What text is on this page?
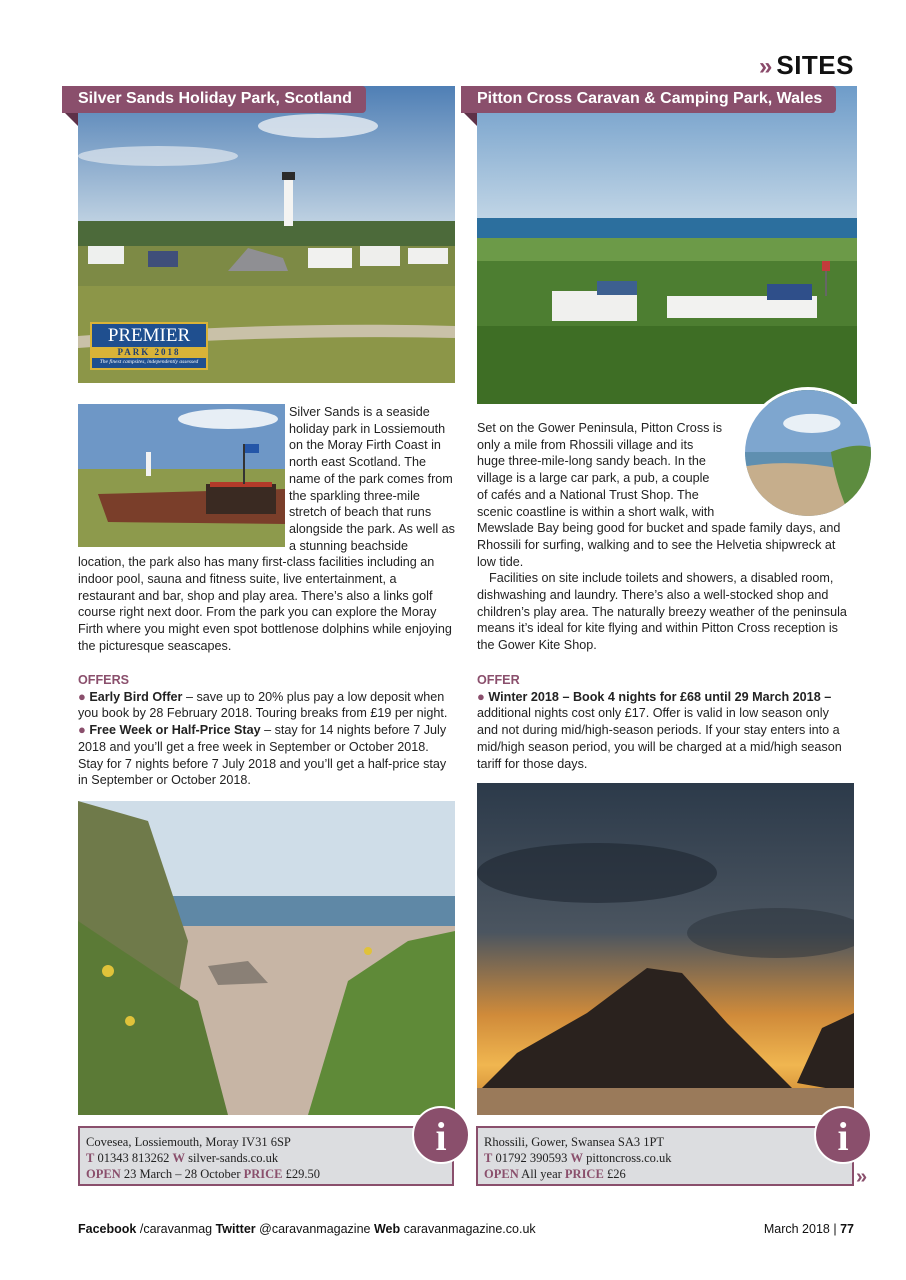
» SITES
PREMIER
PARK 2018
The finest campsites, independently assessed
Silver Sands Holiday Park, Scotland

Silver Sands is a seaside holiday park in Lossiemouth on the Moray Firth Coast in north east Scotland. The name of the park comes from the sparkling three-mile stretch of beach that runs alongside the park. As well as a stunning beachside location, the park also has many first-class facilities including an indoor pool, sauna and fitness suite, live entertainment, a restaurant and bar, shop and play area. There’s also a links golf course right next door. From the park you can explore the Moray Firth where you might even spot bottlenose dolphins while enjoying the picturesque seascapes.

OFFERS

● Early Bird Offer – save up to 20% plus pay a low deposit when you book by 28 February 2018. Touring breaks from £19 per night.

● Free Week or Half-Price Stay – stay for 14 nights before 7 July 2018 and you’ll get a free week in September or October 2018. Stay for 7 nights before 7 July 2018 and you’ll get a half-price stay in September or October 2018.

Covesea, Lossiemouth, Moray IV31 6SP
T 01343 813262 W silver-sands.co.uk
OPEN 23 March – 28 October PRICE £29.50
i
Pitton Cross Caravan & Camping Park, Wales

Set on the Gower Peninsula, Pitton Cross is only a mile from Rhossili village and its huge three-mile-long sandy beach. In the village is a large car park, a pub, a couple of cafés and a National Trust Shop. The scenic coastline is within a short walk, with Mewslade Bay being good for bucket and spade family days, and Rhossili for surfing, walking and to see the Helvetia shipwreck at low tide.

Facilities on site include toilets and showers, a disabled room, dishwashing and laundry. There’s also a well-stocked shop and children’s play area. The naturally breezy weather of the peninsula means it’s ideal for kite flying and within Pitton Cross reception is the Gower Kite Shop.

OFFER

● Winter 2018 – Book 4 nights for £68 until 29 March 2018 – additional nights cost only £17. Offer is valid in low season only and not during mid/high-season periods. If your stay enters into a mid/high season period, you will be charged at a mid/high season tariff for those days.

Rhossili, Gower, Swansea SA3 1PT
T 01792 390593 W pittoncross.co.uk
OPEN All year PRICE £26
i
»
Facebook /caravanmag Twitter @caravanmagazine Web caravanmagazine.co.uk	March 2018 | 77
